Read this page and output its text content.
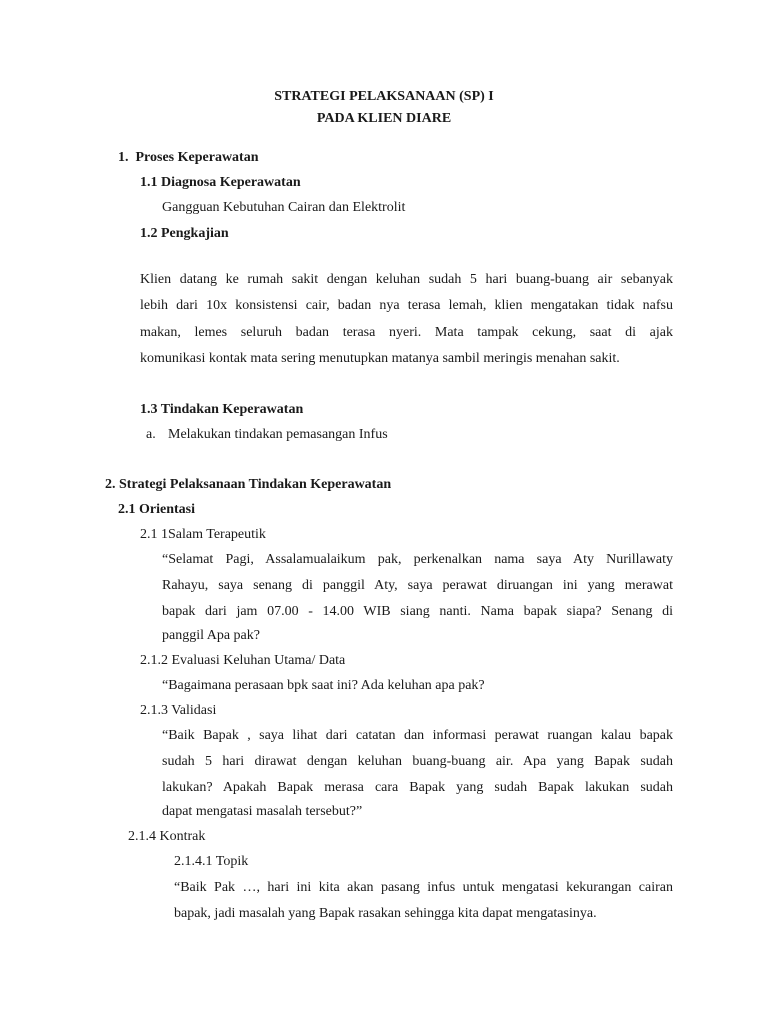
STRATEGI PELAKSANAAN (SP) I
PADA KLIEN DIARE
1.  Proses Keperawatan
1.1 Diagnosa Keperawatan
Gangguan Kebutuhan Cairan dan Elektrolit
1.2 Pengkajian
Klien datang ke rumah sakit dengan keluhan sudah 5 hari buang-buang air sebanyak
lebih dari 10x konsistensi cair, badan nya terasa lemah, klien mengatakan tidak nafsu
makan, lemes seluruh badan terasa nyeri. Mata tampak cekung, saat di ajak
komunikasi kontak mata sering menutupkan matanya sambil meringis menahan sakit.
1.3 Tindakan Keperawatan
a. Melakukan tindakan pemasangan Infus
2. Strategi Pelaksanaan Tindakan Keperawatan
2.1 Orientasi
2.1 1Salam Terapeutik
“Selamat Pagi, Assalamualaikum pak, perkenalkan nama saya Aty Nurillawaty
Rahayu, saya senang di panggil Aty, saya perawat diruangan ini yang merawat
bapak dari jam 07.00 - 14.00 WIB siang nanti. Nama bapak siapa? Senang di
panggil Apa pak?
2.1.2 Evaluasi Keluhan Utama/ Data
“Bagaimana perasaan bpk saat ini? Ada keluhan apa pak?
2.1.3 Validasi
“Baik Bapak , saya lihat dari catatan dan informasi perawat ruangan kalau bapak
sudah 5 hari dirawat dengan keluhan buang-buang air. Apa yang Bapak sudah
lakukan? Apakah Bapak merasa cara Bapak yang sudah Bapak lakukan sudah
dapat mengatasi masalah tersebut?”
2.1.4 Kontrak
2.1.4.1 Topik
“Baik Pak …, hari ini kita akan pasang infus untuk mengatasi kekurangan cairan
bapak, jadi masalah yang Bapak rasakan sehingga kita dapat mengatasinya.
